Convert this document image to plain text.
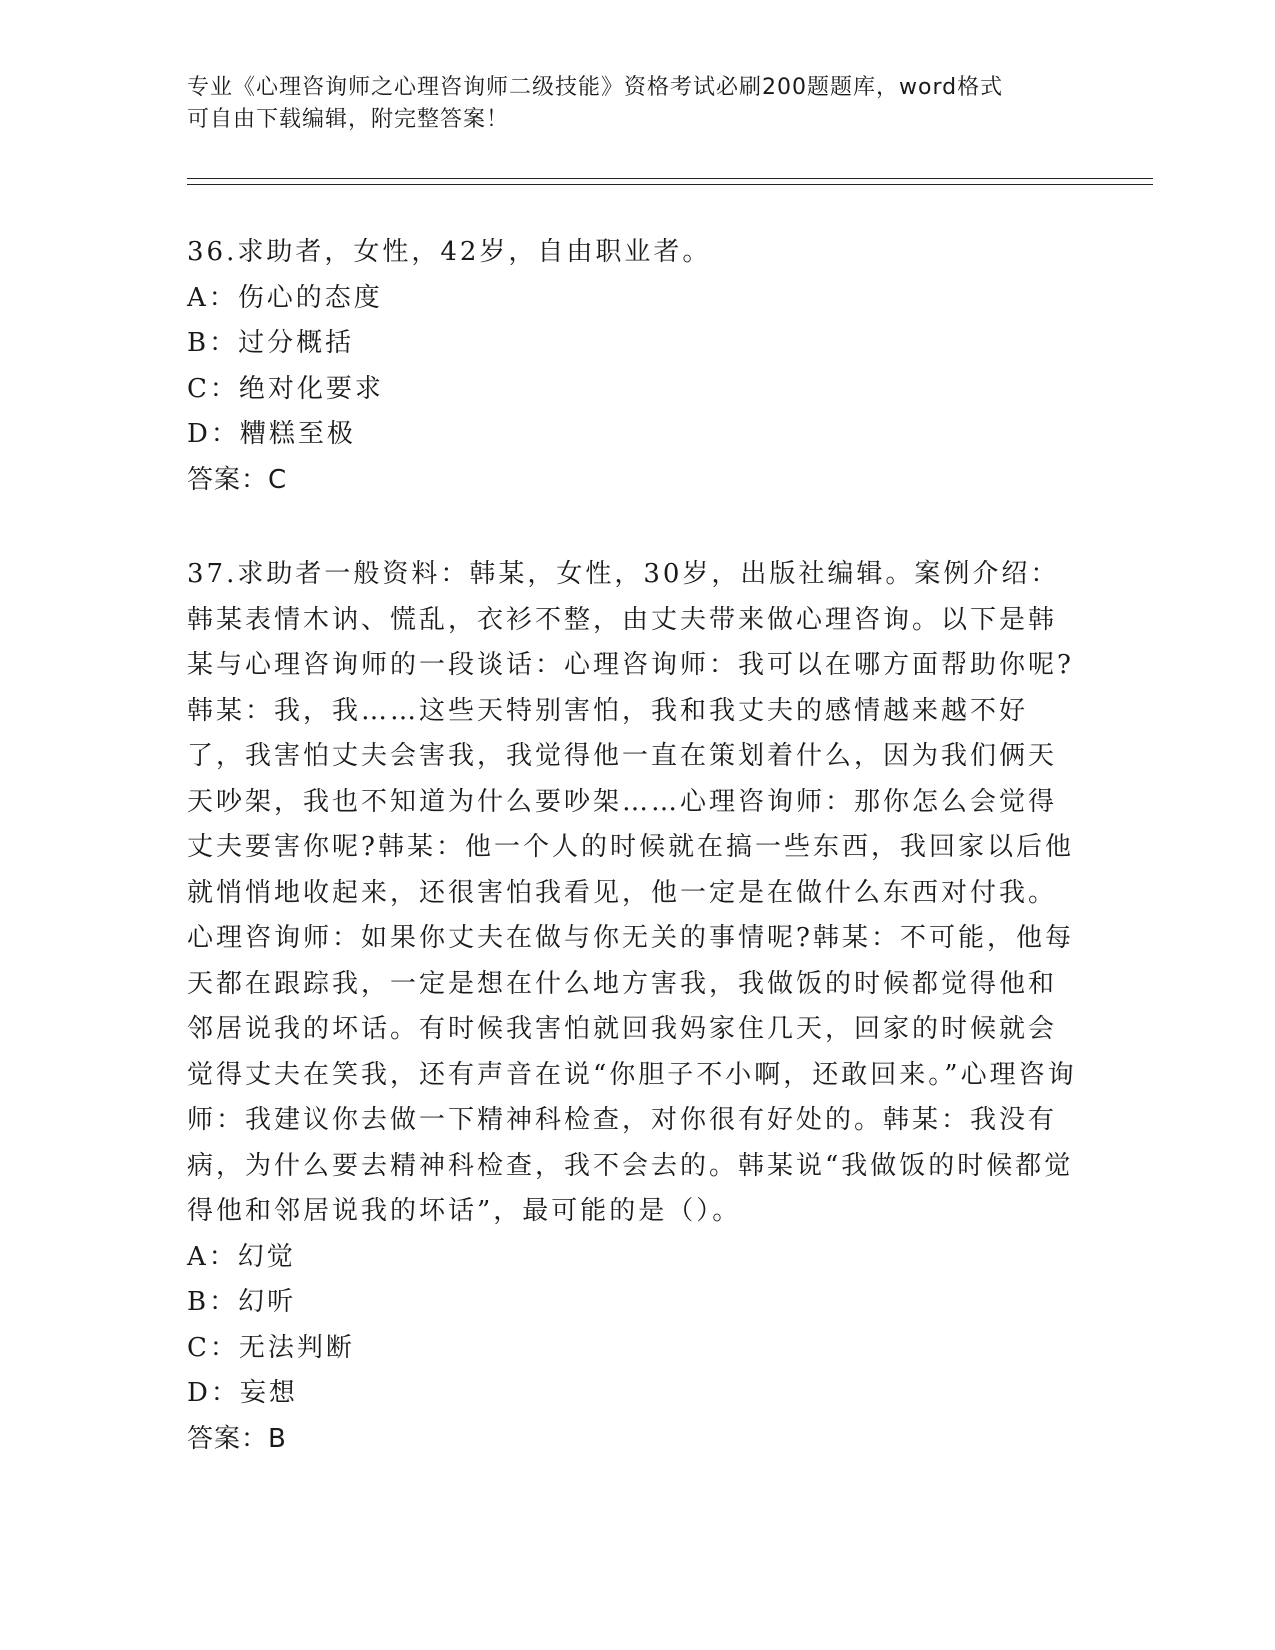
专业《心理咨询师之心理咨询师二级技能》资格考试必刷200题题库，word格式
可自由下载编辑，附完整答案！

36.求助者，女性，42岁，自由职业者。

A：伤心的态度

B：过分概括

C：绝对化要求

D：糟糕至极

答案：C

37.求助者一般资料：韩某，女性，30岁，出版社编辑。案例介绍：韩某表情木讷、慌乱，衣衫不整，由丈夫带来做心理咨询。以下是韩某与心理咨询师的一段谈话：心理咨询师：我可以在哪方面帮助你呢?韩某：我，我……这些天特别害怕，我和我丈夫的感情越来越不好了，我害怕丈夫会害我，我觉得他一直在策划着什么，因为我们俩天天吵架，我也不知道为什么要吵架……心理咨询师：那你怎么会觉得丈夫要害你呢?韩某：他一个人的时候就在搞一些东西，我回家以后他就悄悄地收起来，还很害怕我看见，他一定是在做什么东西对付我。心理咨询师：如果你丈夫在做与你无关的事情呢?韩某：不可能，他每天都在跟踪我，一定是想在什么地方害我，我做饭的时候都觉得他和邻居说我的坏话。有时候我害怕就回我妈家住几天，回家的时候就会觉得丈夫在笑我，还有声音在说“你胆子不小啊，还敢回来。”心理咨询师：我建议你去做一下精神科检查，对你很有好处的。韩某：我没有病，为什么要去精神科检查，我不会去的。韩某说“我做饭的时候都觉得他和邻居说我的坏话”，最可能的是（）。

A：幻觉

B：幻听

C：无法判断

D：妄想

答案：B
